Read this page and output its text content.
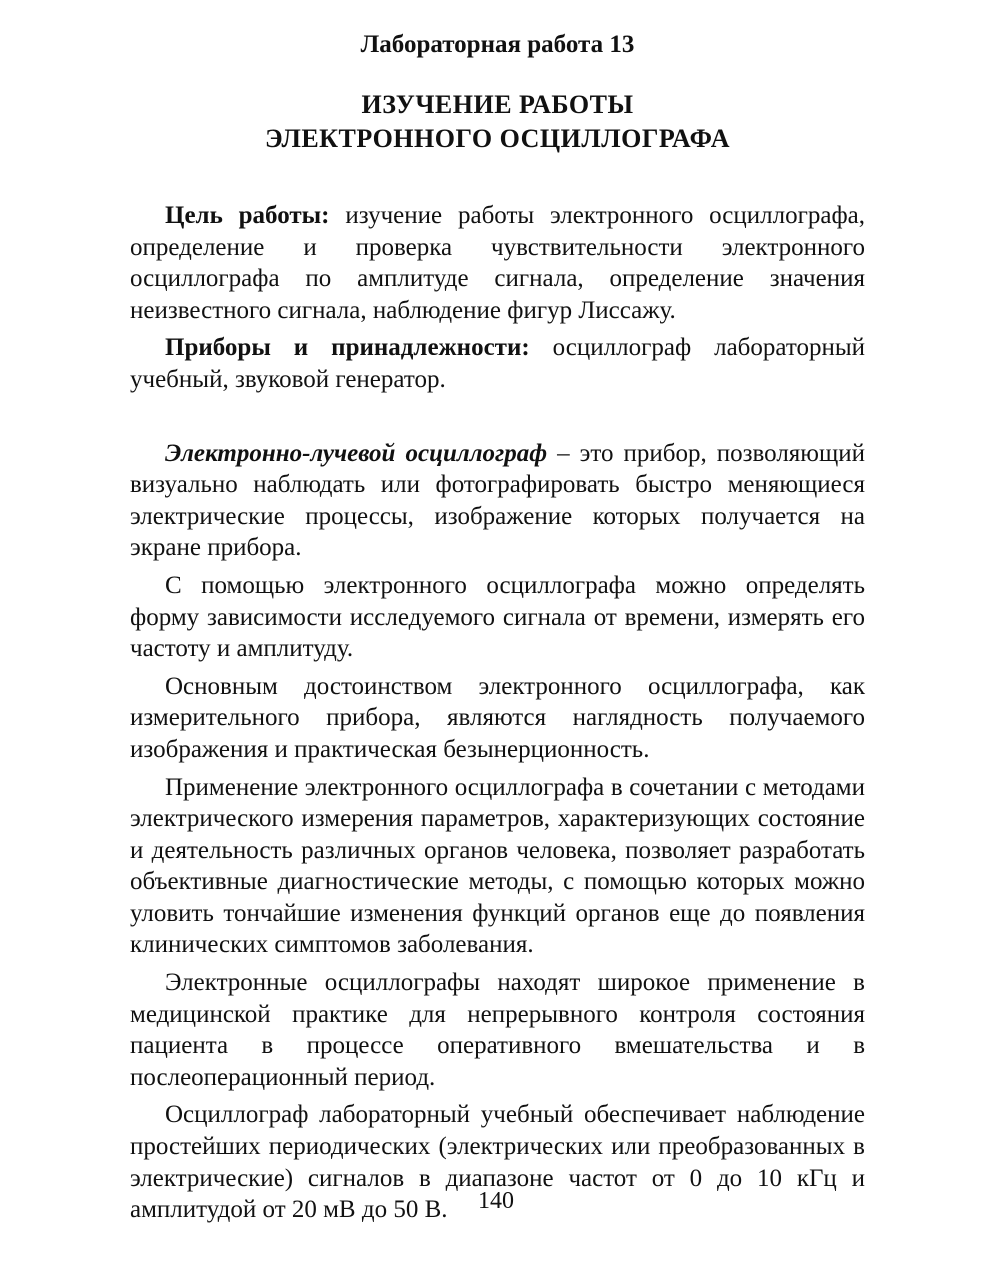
Лабораторная работа 13
ИЗУЧЕНИЕ РАБОТЫ
ЭЛЕКТРОННОГО ОСЦИЛЛОГРАФА

Цель работы: изучение работы электронного осциллографа, определение и проверка чувствительности электронного осциллографа по амплитуде сигнала, определение значения неизвестного сигнала, наблюдение фигур Лиссажу.

Приборы и принадлежности: осциллограф лабораторный учебный, звуковой генератор.

Электронно-лучевой осциллограф – это прибор, позволяющий визуально наблюдать или фотографировать быстро меняющиеся электрические процессы, изображение которых получается на экране прибора.

С помощью электронного осциллографа можно определять форму зависимости исследуемого сигнала от времени, измерять его частоту и амплитуду.

Основным достоинством электронного осциллографа, как измерительного прибора, являются наглядность получаемого изображения и практическая безынерционность.

Применение электронного осциллографа в сочетании с методами электрического измерения параметров, характеризующих состояние и деятельность различных органов человека, позволяет разработать объективные диагностические методы, с помощью которых можно уловить тончайшие изменения функций органов еще до появления клинических симптомов заболевания.

Электронные осциллографы находят широкое применение в медицинской практике для непрерывного контроля состояния пациента в процессе оперативного вмешательства и в послеоперационный период.

Осциллограф лабораторный учебный обеспечивает наблюдение простейших периодических (электрических или преобразованных в электрические) сигналов в диапазоне частот от 0 до 10 кГц и амплитудой от 20 мВ до 50 В.	140
